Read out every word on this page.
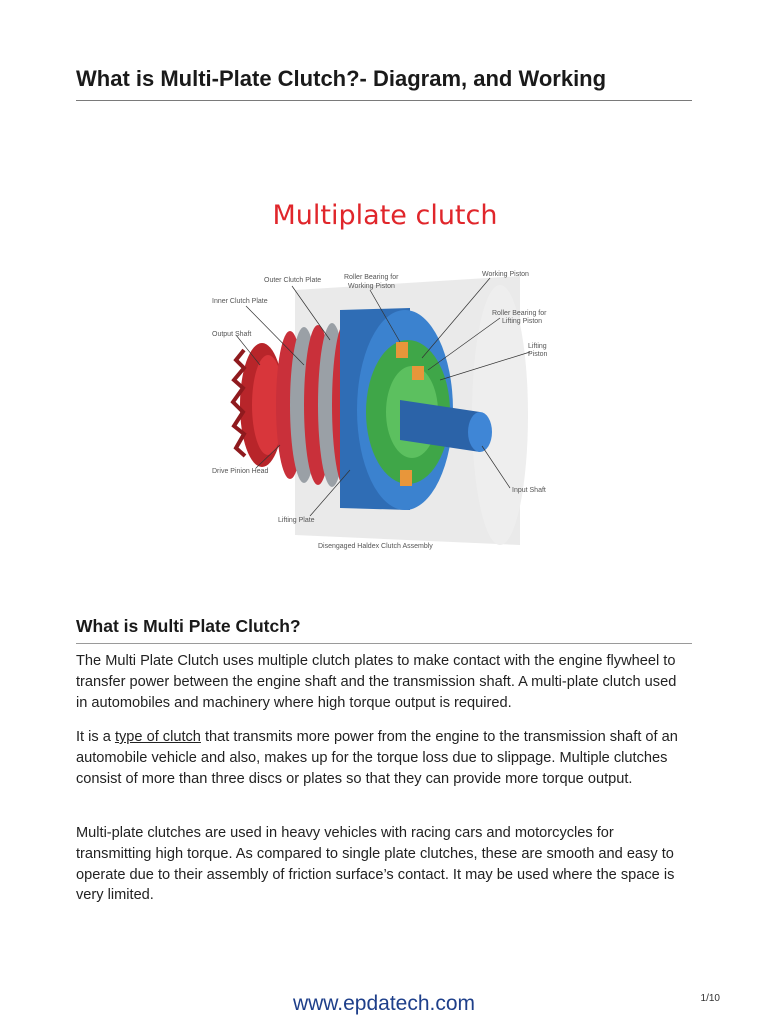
What is Multi-Plate Clutch?- Diagram, and Working
Multiplate clutch
Outer Clutch Plate	Roller Bearing for
Working Piston
Working Piston
Roller Bearing for
Lifting Piston
Lifting
Piston
Inner Clutch Plate
Output Shaft
Drive Pinion Head
Input Shaft
Lifting Plate
Disengaged Haldex Clutch Assembly
What is Multi Plate Clutch?

The Multi Plate Clutch uses multiple clutch plates to make contact with the engine flywheel to transfer power between the engine shaft and the transmission shaft. A multi-plate clutch used in automobiles and machinery where high torque output is required.

It is a type of clutch that transmits more power from the engine to the transmission shaft of an automobile vehicle and also, makes up for the torque loss due to slippage. Multiple clutches consist of more than three discs or plates so that they can provide more torque output.

Multi-plate clutches are used in heavy vehicles with racing cars and motorcycles for transmitting high torque. As compared to single plate clutches, these are smooth and easy to operate due to their assembly of friction surface’s contact. It may be used where the space is very limited.

www.epdatech.com	1/10
